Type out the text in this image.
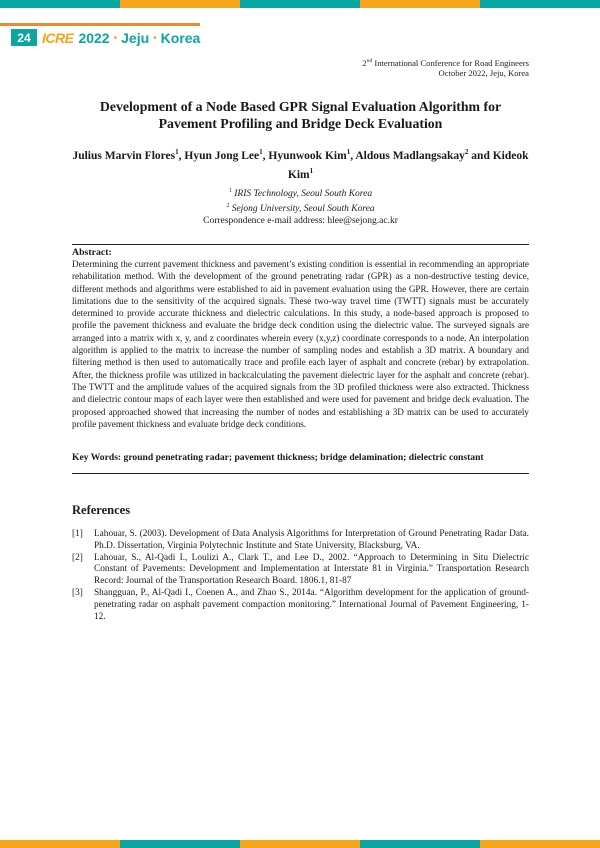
24 ICRE 2022 • Jeju • Korea
2nd International Conference for Road Engineers
October 2022, Jeju, Korea
Development of a Node Based GPR Signal Evaluation Algorithm for Pavement Profiling and Bridge Deck Evaluation
Julius Marvin Flores$^1$, Hyun Jong Lee$^1$, Hyunwook Kim$^1$, Aldous Madlangsakay$^2$ and Kideok Kim$^1$
$^1$ IRIS Technology, Seoul South Korea
$^2$ Sejong University, Seoul South Korea
Correspondence e-mail address: hlee@sejong.ac.kr
Abstract:
Determining the current pavement thickness and pavement’s existing condition is essential in recommending an appropriate rehabilitation method. With the development of the ground penetrating radar (GPR) as a non-destructive testing device, different methods and algorithms were established to aid in pavement evaluation using the GPR. However, there are certain limitations due to the sensitivity of the acquired signals. These two-way travel time (TWTT) signals must be accurately determined to provide accurate thickness and dielectric calculations. In this study, a node-based approach is proposed to profile the pavement thickness and evaluate the bridge deck condition using the dielectric value. The surveyed signals are arranged into a matrix with x, y, and z coordinates wherein every (x,y,z) coordinate corresponds to a node. An interpolation algorithm is applied to the matrix to increase the number of sampling nodes and establish a 3D matrix. A boundary and filtering method is then used to automatically trace and profile each layer of asphalt and concrete (rebar) by extrapolation. After, the thickness profile was utilized in backcalculating the pavement dielectric layer for the asphalt and concrete (rebar). The TWTT and the amplitude values of the acquired signals from the 3D profiled thickness were also extracted. Thickness and dielectric contour maps of each layer were then established and were used for pavement and bridge deck evaluation. The proposed approached showed that increasing the number of nodes and establishing a 3D matrix can be used to accurately profile pavement thickness and evaluate bridge deck conditions.
Key Words: ground penetrating radar; pavement thickness; bridge delamination; dielectric constant
References
[1]	Lahouar, S. (2003). Development of Data Analysis Algorithms for Interpretation of Ground Penetrating Radar Data. Ph.D. Dissertation, Virginia Polytechnic Institute and State University, Blacksburg, VA.
[2]	Lahouar, S., Al-Qadi I., Loulizi A., Clark T., and Lee D., 2002. “Approach to Determining in Situ Dielectric Constant of Pavements: Development and Implementation at Interstate 81 in Virginia.” Transportation Research Record: Journal of the Transportation Research Board. 1806.1, 81-87
[3]	Shangguan, P., Al-Qadi I., Coenen A., and Zhao S., 2014a. “Algorithm development for the application of ground-penetrating radar on asphalt pavement compaction monitoring.” International Journal of Pavement Engineering, 1-12.
